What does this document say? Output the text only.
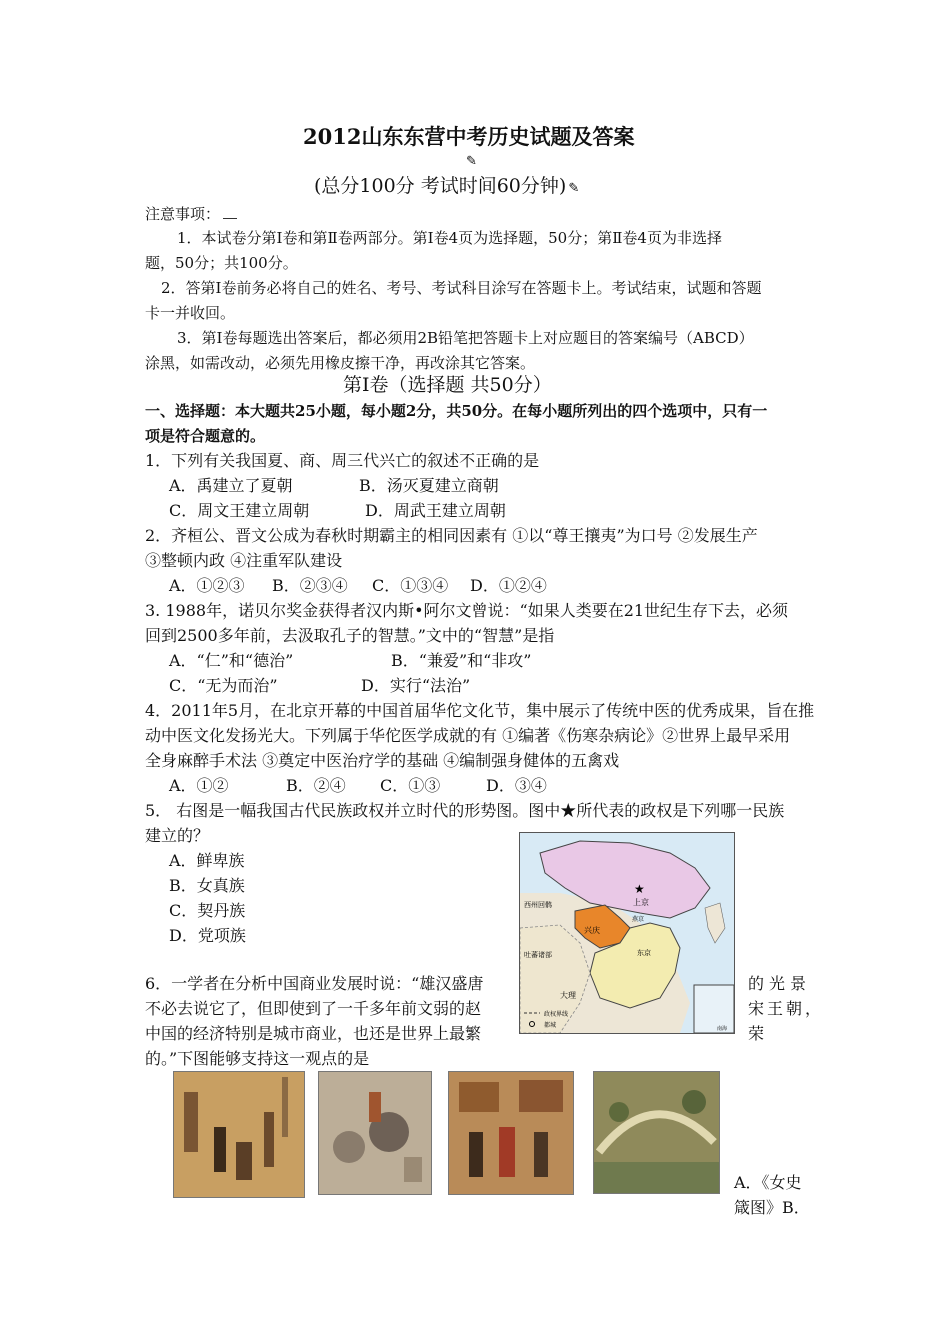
2012山东东营中考历史试题及答案
✎
(总分100分 考试时间60分钟) ✎
注意事项：
1．本试卷分第Ⅰ卷和第Ⅱ卷两部分。第Ⅰ卷4页为选择题，50分；第Ⅱ卷4页为非选择
题，50分；共100分。
2．答第Ⅰ卷前务必将自己的姓名、考号、考试科目涂写在答题卡上。考试结束，试题和答题
卡一并收回。
3．第Ⅰ卷每题选出答案后，都必须用2B铅笔把答题卡上对应题目的答案编号（ABCD）
涂黑，如需改动，必须先用橡皮擦干净，再改涂其它答案。
第Ⅰ卷（选择题 共50分）
一、选择题：本大题共25小题，每小题2分，共50分。在每小题所列出的四个选项中，只有一
项是符合题意的。
1．下列有关我国夏、商、周三代兴亡的叙述不正确的是
A．禹建立了夏朝	B．汤灭夏建立商朝
C．周文王建立周朝	D．周武王建立周朝
2．齐桓公、晋文公成为春秋时期霸主的相同因素有 ①以“尊王攘夷”为口号 ②发展生产
③整顿内政 ④注重军队建设
A．①②③ B．②③④ C．①③④ D．①②④
3. 1988年，诺贝尔奖金获得者汉内斯•阿尔文曾说：“如果人类要在21世纪生存下去，必须
回到2500多年前，去汲取孔子的智慧。”文中的“智慧”是指
A．“仁”和“德治”	B．“兼爱”和“非攻”
C．“无为而治”	D．实行“法治”
4．2011年5月，在北京开幕的中国首届华佗文化节，集中展示了传统中医的优秀成果，旨在推
动中医文化发扬光大。下列属于华佗医学成就的有 ①编著《伤寒杂病论》②世界上最早采用
全身麻醉手术法 ③奠定中医治疗学的基础 ④编制强身健体的五禽戏
A．①②	B．②④ C．①③	D．③④
5． 右图是一幅我国古代民族政权并立时代的形势图。图中★所代表的政权是下列哪一民族
建立的？
A．鲜卑族
B．女真族
C．契丹族
D．党项族
★
上京
西州回鹘
兴庆
燕京
东京
吐蕃诸部
大理
政权界线
都城	南海
6．一学者在分析中国商业发展时说：“雄汉盛唐	的光景
不必去说它了，但即使到了一千多年前文弱的赵	宋王朝，
中国的经济特别是城市商业，也还是世界上最繁	荣
的。”下图能够支持这一观点的是
A．《女史
箴图》B．
